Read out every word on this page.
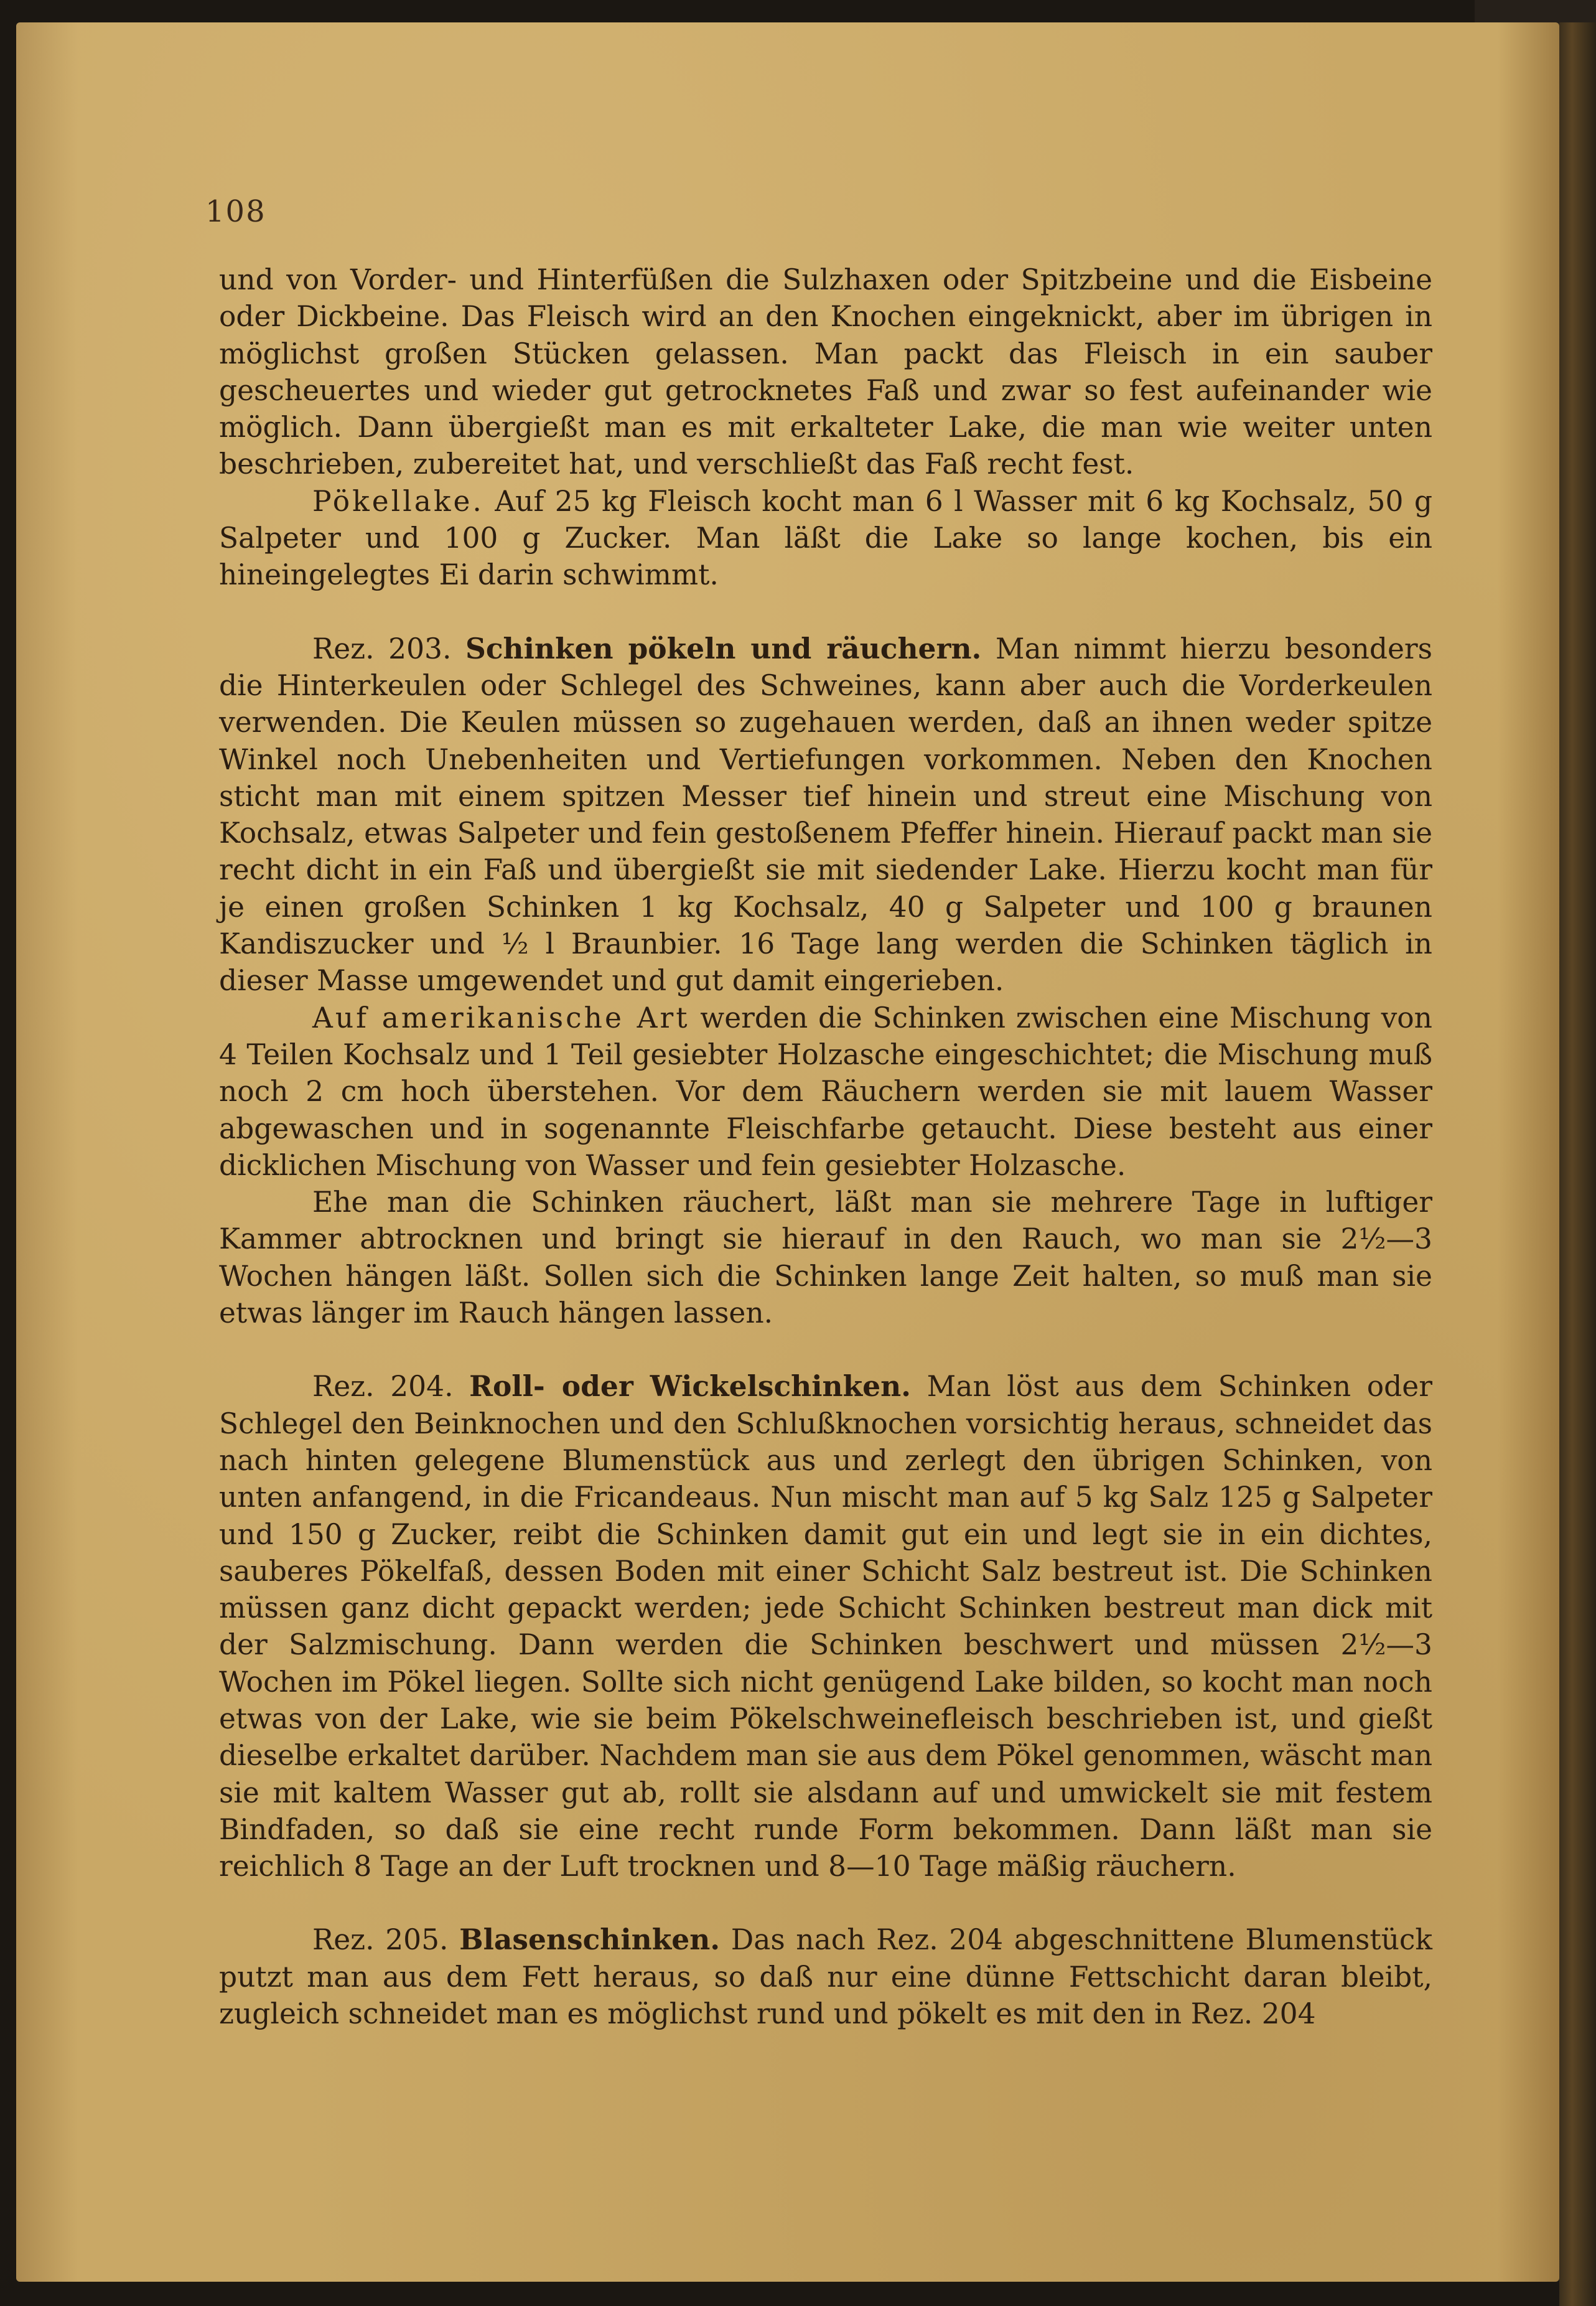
108

und von Vorder- und Hinterfüßen die Sulzhaxen oder Spitzbeine und die Eisbeine oder Dickbeine. Das Fleisch wird an den Knochen eingeknickt, aber im übrigen in möglichst großen Stücken gelassen. Man packt das Fleisch in ein sauber gescheuertes und wieder gut getrocknetes Faß und zwar so fest aufeinander wie möglich. Dann übergießt man es mit erkalteter Lake, die man wie weiter unten beschrieben, zubereitet hat, und verschließt das Faß recht fest.

Pökellake. Auf 25 kg Fleisch kocht man 6 l Wasser mit 6 kg Kochsalz, 50 g Salpeter und 100 g Zucker. Man läßt die Lake so lange kochen, bis ein hineingelegtes Ei darin schwimmt.

Rez. 203. Schinken pökeln und räuchern. Man nimmt hierzu besonders die Hinterkeulen oder Schlegel des Schweines, kann aber auch die Vorderkeulen verwenden. Die Keulen müssen so zugehauen werden, daß an ihnen weder spitze Winkel noch Unebenheiten und Vertiefungen vorkommen. Neben den Knochen sticht man mit einem spitzen Messer tief hinein und streut eine Mischung von Kochsalz, etwas Salpeter und fein gestoßenem Pfeffer hinein. Hierauf packt man sie recht dicht in ein Faß und übergießt sie mit siedender Lake. Hierzu kocht man für je einen großen Schinken 1 kg Kochsalz, 40 g Salpeter und 100 g braunen Kandiszucker und ½ l Braunbier. 16 Tage lang werden die Schinken täglich in dieser Masse umgewendet und gut damit eingerieben.

Auf amerikanische Art werden die Schinken zwischen eine Mischung von 4 Teilen Kochsalz und 1 Teil gesiebter Holzasche eingeschichtet; die Mischung muß noch 2 cm hoch überstehen. Vor dem Räuchern werden sie mit lauem Wasser abgewaschen und in sogenannte Fleischfarbe getaucht. Diese besteht aus einer dicklichen Mischung von Wasser und fein gesiebter Holzasche.

Ehe man die Schinken räuchert, läßt man sie mehrere Tage in luftiger Kammer abtrocknen und bringt sie hierauf in den Rauch, wo man sie 2½—3 Wochen hängen läßt. Sollen sich die Schinken lange Zeit halten, so muß man sie etwas länger im Rauch hängen lassen.

Rez. 204. Roll- oder Wickelschinken. Man löst aus dem Schinken oder Schlegel den Beinknochen und den Schlußknochen vorsichtig heraus, schneidet das nach hinten gelegene Blumenstück aus und zerlegt den übrigen Schinken, von unten anfangend, in die Fricandeaus. Nun mischt man auf 5 kg Salz 125 g Salpeter und 150 g Zucker, reibt die Schinken damit gut ein und legt sie in ein dichtes, sauberes Pökelfaß, dessen Boden mit einer Schicht Salz bestreut ist. Die Schinken müssen ganz dicht gepackt werden; jede Schicht Schinken bestreut man dick mit der Salzmischung. Dann werden die Schinken beschwert und müssen 2½—3 Wochen im Pökel liegen. Sollte sich nicht genügend Lake bilden, so kocht man noch etwas von der Lake, wie sie beim Pökelschweinefleisch beschrieben ist, und gießt dieselbe erkaltet darüber. Nachdem man sie aus dem Pökel genommen, wäscht man sie mit kaltem Wasser gut ab, rollt sie alsdann auf und umwickelt sie mit festem Bindfaden, so daß sie eine recht runde Form bekommen. Dann läßt man sie reichlich 8 Tage an der Luft trocknen und 8—10 Tage mäßig räuchern.

Rez. 205. Blasenschinken. Das nach Rez. 204 abgeschnittene Blumenstück putzt man aus dem Fett heraus, so daß nur eine dünne Fettschicht daran bleibt, zugleich schneidet man es möglichst rund und pökelt es mit den in Rez. 204
